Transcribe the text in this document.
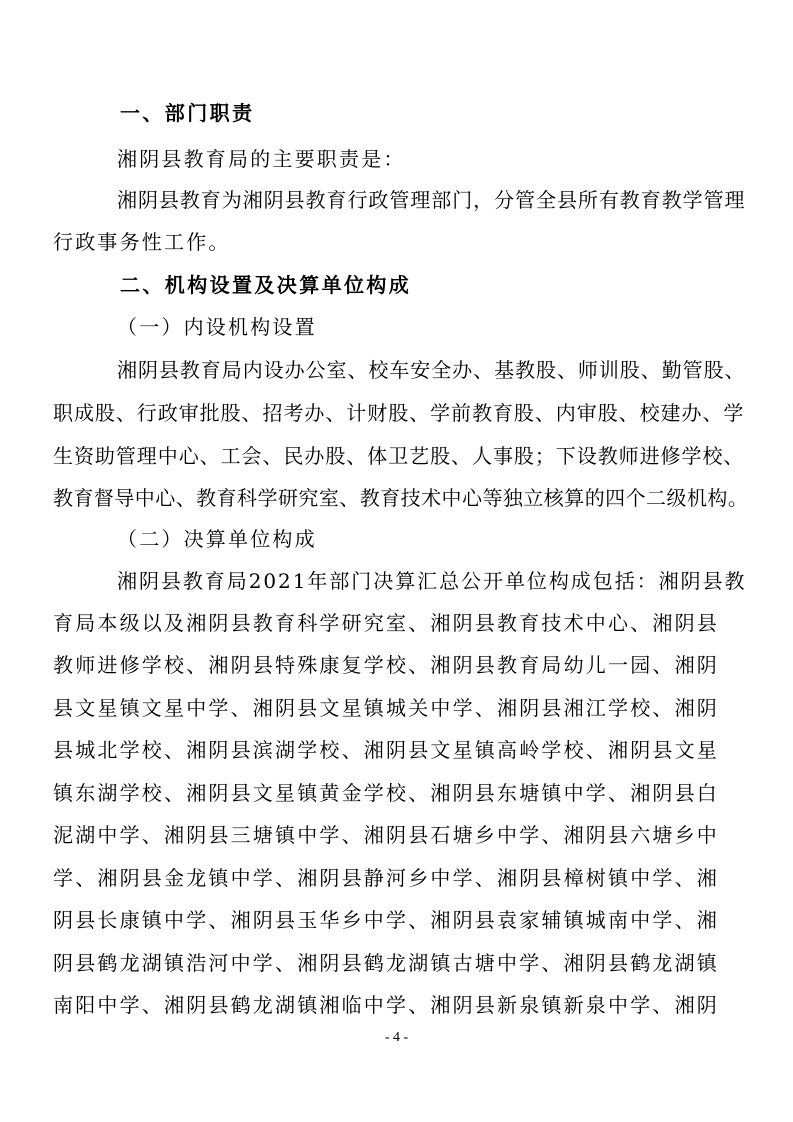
一、部门职责

湘阴县教育局的主要职责是：

湘阴县教育为湘阴县教育行政管理部门，分管全县所有教育教学管理

行政事务性工作。

二、机构设置及决算单位构成

（一）内设机构设置

湘阴县教育局内设办公室、校车安全办、基教股、师训股、勤管股、

职成股、行政审批股、招考办、计财股、学前教育股、内审股、校建办、学

生资助管理中心、工会、民办股、体卫艺股、人事股；下设教师进修学校、

教育督导中心、教育科学研究室、教育技术中心等独立核算的四个二级机构。

（二）决算单位构成

湘阴县教育局2021年部门决算汇总公开单位构成包括：湘阴县教

育局本级以及湘阴县教育科学研究室、湘阴县教育技术中心、湘阴县

教师进修学校、湘阴县特殊康复学校、湘阴县教育局幼儿一园、湘阴

县文星镇文星中学、湘阴县文星镇城关中学、湘阴县湘江学校、湘阴

县城北学校、湘阴县滨湖学校、湘阴县文星镇高岭学校、湘阴县文星

镇东湖学校、湘阴县文星镇黄金学校、湘阴县东塘镇中学、湘阴县白

泥湖中学、湘阴县三塘镇中学、湘阴县石塘乡中学、湘阴县六塘乡中

学、湘阴县金龙镇中学、湘阴县静河乡中学、湘阴县樟树镇中学、湘

阴县长康镇中学、湘阴县玉华乡中学、湘阴县袁家辅镇城南中学、湘

阴县鹤龙湖镇浩河中学、湘阴县鹤龙湖镇古塘中学、湘阴县鹤龙湖镇

南阳中学、湘阴县鹤龙湖镇湘临中学、湘阴县新泉镇新泉中学、湘阴

- 4 -
